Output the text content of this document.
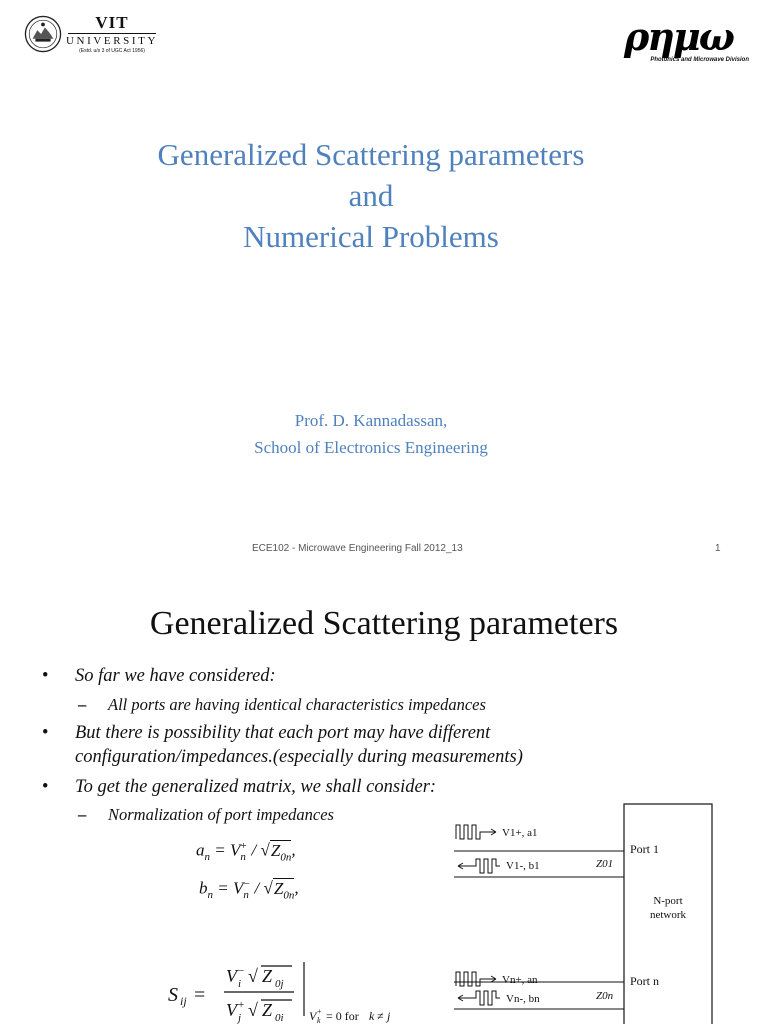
VIT
UNIVERSITY
(Estd. u/s 3 of UGC Act 1956)	ρημω
Photonics and Microwave Division
Generalized Scattering parameters
and
Numerical Problems
Prof. D. Kannadassan,
School of Electronics Engineering
ECE102 - Microwave Engineering Fall 2012_13	1
Generalized Scattering parameters
• So far we have considered:
– All ports are having identical characteristics impedances
• But there is possibility that each port may have different configuration/impedances.(especially during measurements)
• To get the generalized matrix, we shall consider:
– Normalization of port impedances
$a_n = V_n^+ / √Z_{0n}$,
$b_n = V_n^- / √Z_{0n}$,
S ij =
V −
i √ Z 0j
V +
j √ Z 0i V +
k = 0 for k ≠ j
V1+, a1
V1-, b1
Vn+, an
Vn-, bn
Z01
Z0n
Port 1
Port n
N-port
network
